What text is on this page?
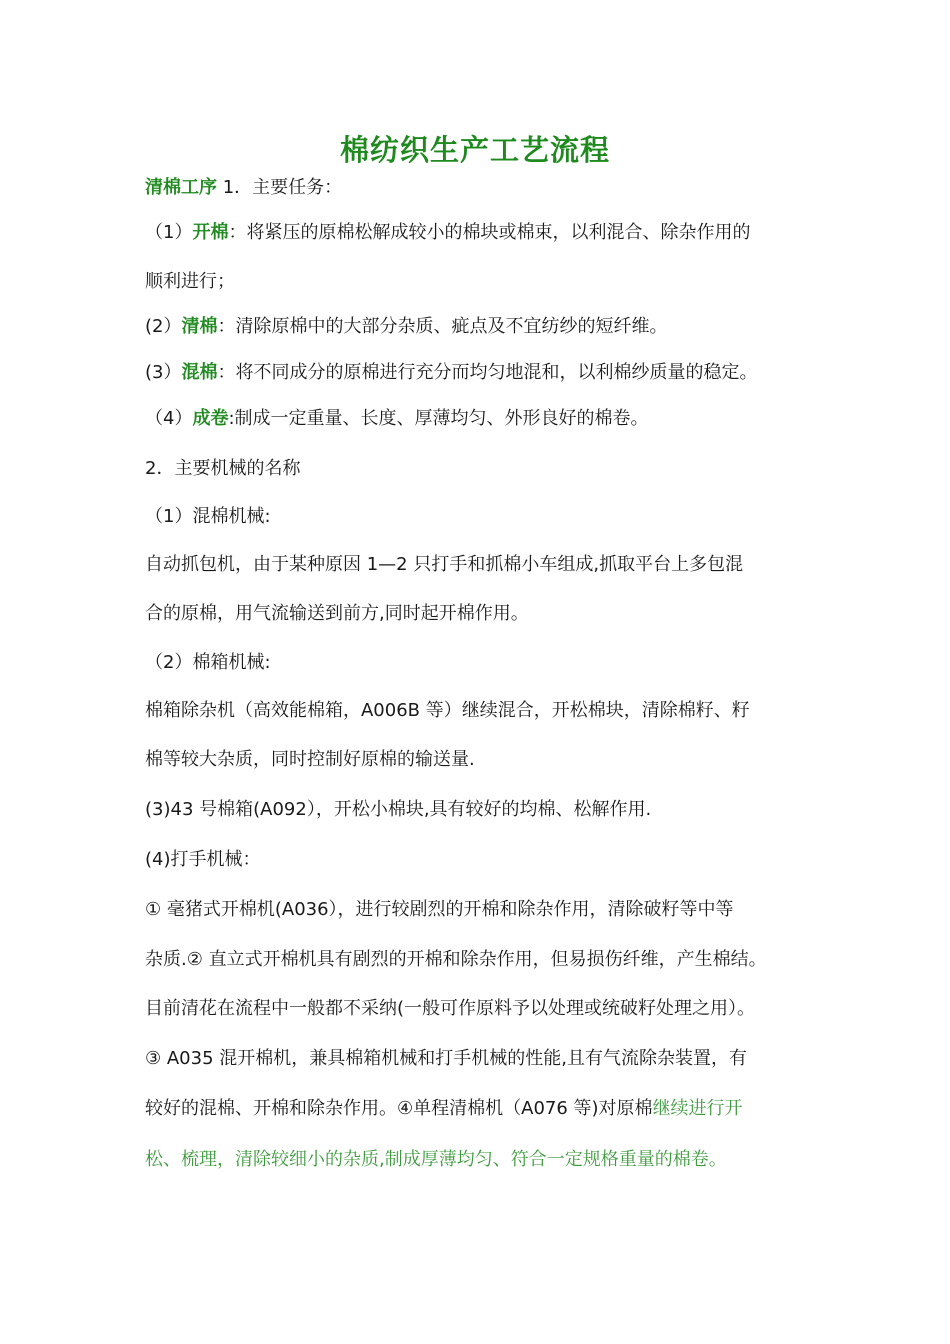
棉纺织生产工艺流程
清棉工序 1．主要任务：
（1）开棉：将紧压的原棉松解成较小的棉块或棉束，以利混合、除杂作用的
顺利进行；
(2）清棉：清除原棉中的大部分杂质、疵点及不宜纺纱的短纤维。
(3）混棉：将不同成分的原棉进行充分而均匀地混和，以利棉纱质量的稳定。
（4）成卷:制成一定重量、长度、厚薄均匀、外形良好的棉卷。
2．主要机械的名称
（1）混棉机械:
自动抓包机，由于某种原因 1—2 只打手和抓棉小车组成,抓取平台上多包混
合的原棉，用气流输送到前方,同时起开棉作用。
（2）棉箱机械:
棉箱除杂机（高效能棉箱，A006B 等）继续混合，开松棉块，清除棉籽、籽
棉等较大杂质，同时控制好原棉的输送量.
(3)43 号棉箱(A092），开松小棉块,具有较好的均棉、松解作用.
(4)打手机械：
① 毫猪式开棉机(A036），进行较剧烈的开棉和除杂作用，清除破籽等中等
杂质.② 直立式开棉机具有剧烈的开棉和除杂作用，但易损伤纤维，产生棉结。
目前清花在流程中一般都不采纳(一般可作原料予以处理或统破籽处理之用）。
③ A035 混开棉机，兼具棉箱机械和打手机械的性能,且有气流除杂装置，有
较好的混棉、开棉和除杂作用。④单程清棉机（A076 等)对原棉继续进行开
松、梳理，清除较细小的杂质,制成厚薄均匀、符合一定规格重量的棉卷。
